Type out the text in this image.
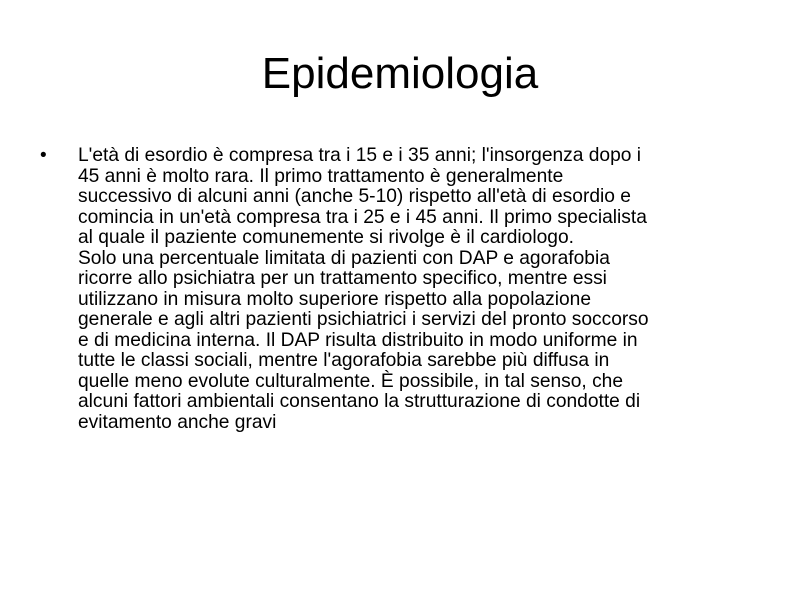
Epidemiologia
•	L'età di esordio è compresa tra i 15 e i 35 anni; l'insorgenza dopo i
45 anni è molto rara. Il primo trattamento è generalmente
successivo di alcuni anni (anche 5-10) rispetto all'età di esordio e
comincia in un'età compresa tra i 25 e i 45 anni. Il primo specialista
al quale il paziente comunemente si rivolge è il cardiologo.
Solo una percentuale limitata di pazienti con DAP e agorafobia
ricorre allo psichiatra per un trattamento specifico, mentre essi
utilizzano in misura molto superiore rispetto alla popolazione
generale e agli altri pazienti psichiatrici i servizi del pronto soccorso
e di medicina interna. Il DAP risulta distribuito in modo uniforme in
tutte le classi sociali, mentre l'agorafobia sarebbe più diffusa in
quelle meno evolute culturalmente. È possibile, in tal senso, che
alcuni fattori ambientali consentano la strutturazione di condotte di
evitamento anche gravi
